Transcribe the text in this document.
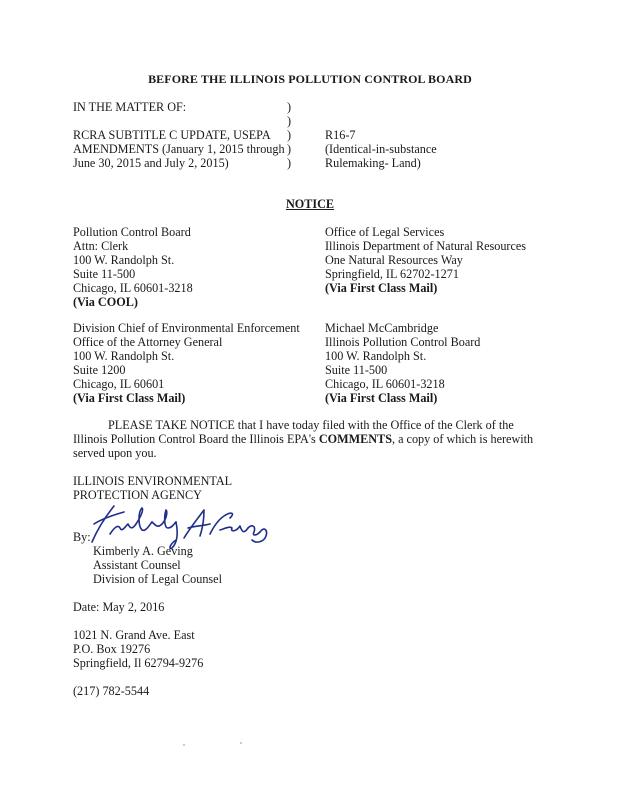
BEFORE THE ILLINOIS POLLUTION CONTROL BOARD
IN THE MATTER OF:
RCRA SUBTITLE C UPDATE, USEPA
AMENDMENTS (January 1, 2015 through
June 30, 2015 and July 2, 2015)
)
)
)
)
)
R16-7
(Identical-in-substance
Rulemaking- Land)
NOTICE
Pollution Control Board
Attn: Clerk
100 W. Randolph St.
Suite 11-500
Chicago, IL 60601-3218
(Via COOL)
Office of Legal Services
Illinois Department of Natural Resources
One Natural Resources Way
Springfield, IL 62702-1271
(Via First Class Mail)
Division Chief of Environmental Enforcement
Office of the Attorney General
100 W. Randolph St.
Suite 1200
Chicago, IL 60601
(Via First Class Mail)
Michael McCambridge
Illinois Pollution Control Board
100 W. Randolph St.
Suite 11-500
Chicago, IL 60601-3218
(Via First Class Mail)
PLEASE TAKE NOTICE that I have today filed with the Office of the Clerk of the
Illinois Pollution Control Board the Illinois EPA's COMMENTS, a copy of which is herewith
served upon you.
ILLINOIS ENVIRONMENTAL
PROTECTION AGENCY
By:
Kimberly A. Geving
Assistant Counsel
Division of Legal Counsel
Date: May 2, 2016
1021 N. Grand Ave. East
P.O. Box 19276
Springfield, Il 62794-9276
(217) 782-5544
